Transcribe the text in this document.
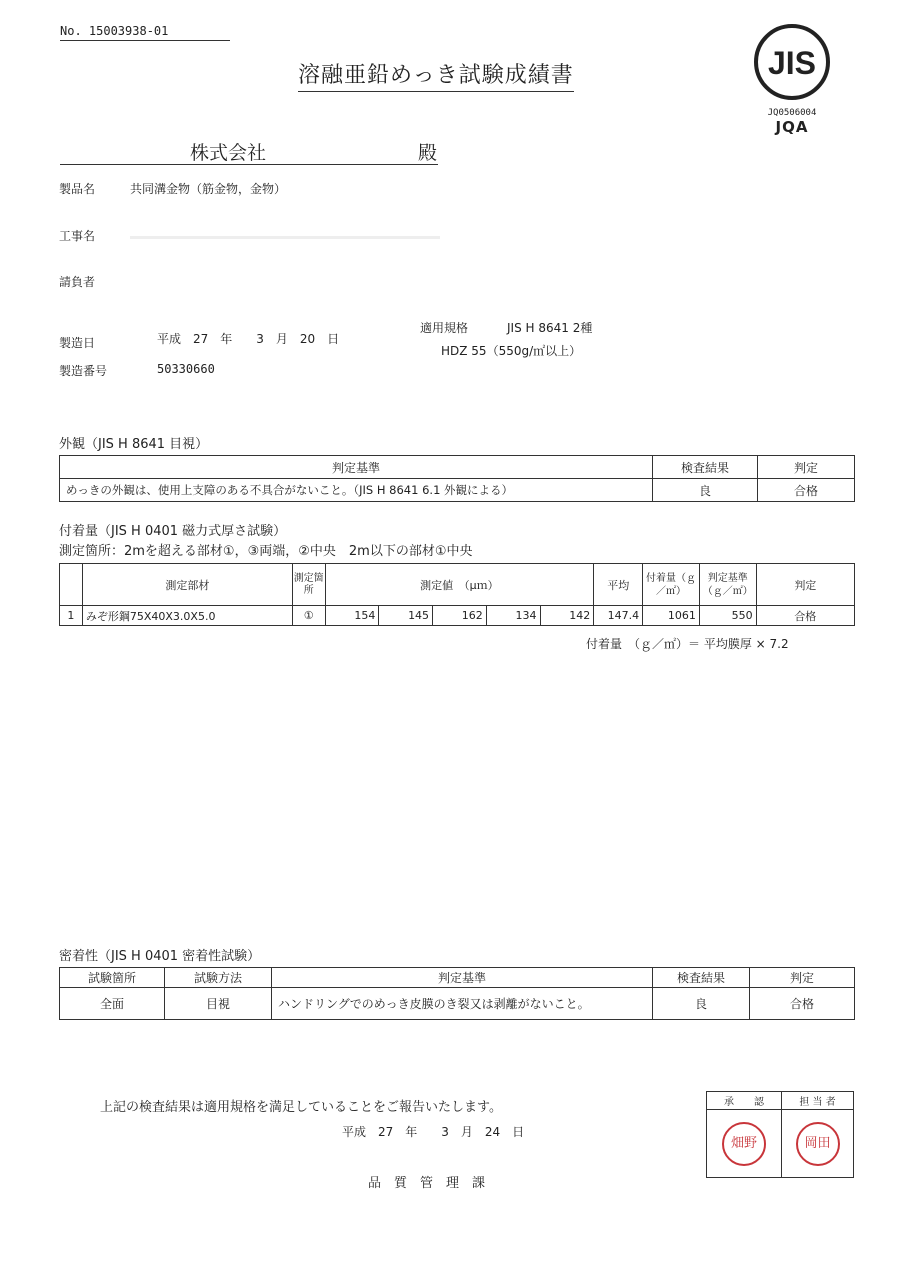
No. 15003938-01
溶融亜鉛めっき試験成績書
株式会社	殿
JIS
JQ0506004
JQA
製品名	共同溝金物（筋金物，金物）
工事名
請負者
製造日	平成　27　年　　3　月　20　日
製造番号	50330660
適用規格	JIS H 8641 2種
HDZ 55（550g/㎡以上）
外観（JIS H 8641 目視）
判定基準	検査結果	判定
めっきの外観は、使用上支障のある不具合がないこと。（JIS H 8641 6.1 外観による）	良	合格
付着量（JIS H 0401 磁力式厚さ試験）
測定箇所：2mを超える部材①，③両端，②中央　2m以下の部材①中央
	測定部材	測定箇所	測定値　（μｍ）					平均	付着量（ｇ／㎡）	判定基準（ｇ／㎡）	判定
1	みぞ形鋼75X40X3.0X5.0	①	154	145	162	134	142	147.4	1061	550	合格
付着量　（ｇ／㎡）＝ 平均膜厚 × 7.2
密着性（JIS H 0401 密着性試験）
試験箇所	試験方法	判定基準	検査結果	判定
全面	目視	ハンドリングでのめっき皮膜のき裂又は剥離がないこと。	良	合格
上記の検査結果は適用規格を満足していることをご報告いたします。
平成　27　年　　3　月　24　日
品　質　管　理　課
承　　認	担 当 者

畑野	岡田
